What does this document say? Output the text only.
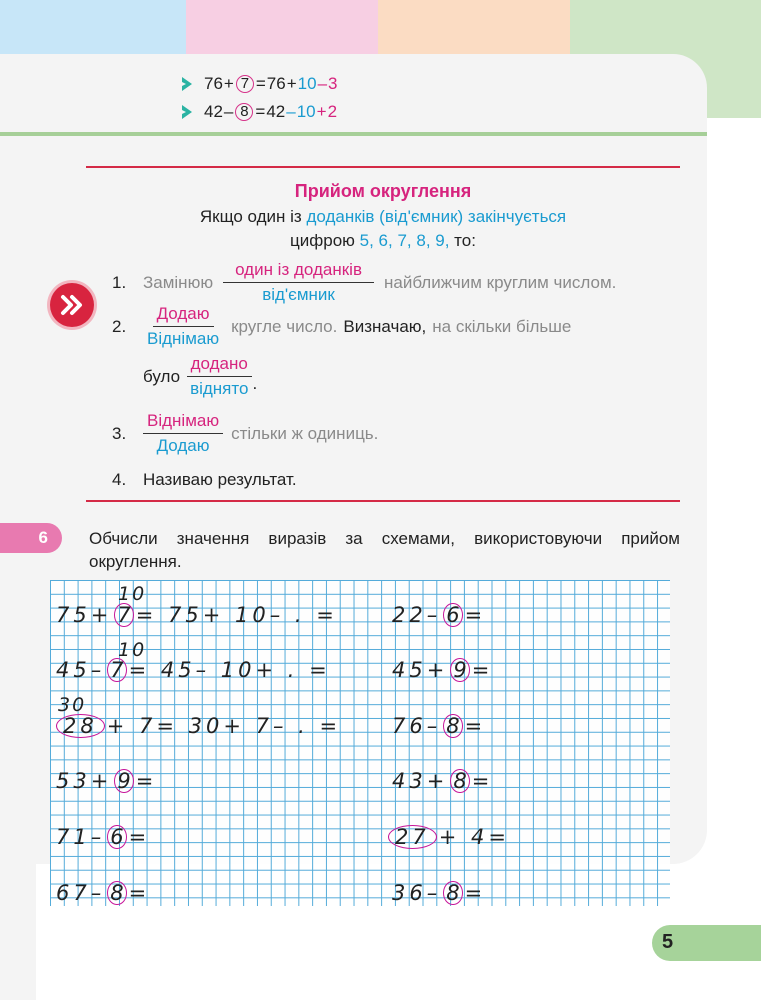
76 + 7 = 76 + 10 – 3
42 – 8 = 42 – 10 + 2
Прийом округлення
Якщо один із доданків (від'ємник) закінчується
цифрою 5, 6, 7, 8, 9, то:
1. Замінюю $\frac{\text{один із доданків}}{\text{від'ємник}}$ найближчим круглим числом.
2. $\frac{\text{Додаю}}{\text{Віднімаю}}$ кругле число. Визначаю, на скільки більше
було $\frac{\text{додано}}{\text{віднято}}$ .
3. $\frac{\text{Віднімаю}}{\text{Додаю}}$ стільки ж одиниць.
4. Називаю результат.
6	Обчисли значення виразів за схемами, використовуючи прийом округлення.
10
75+ 7 = 75+ 10– . =
10
45– 7 = 45– 10+ . =
30
28 + 7= 30+ 7– . =
53+ 9 =
71– 6 =
67– 8 =
22– 6 =
45+ 9 =
76– 8 =
43+ 8 =
27 + 4=
36– 8 =
5
